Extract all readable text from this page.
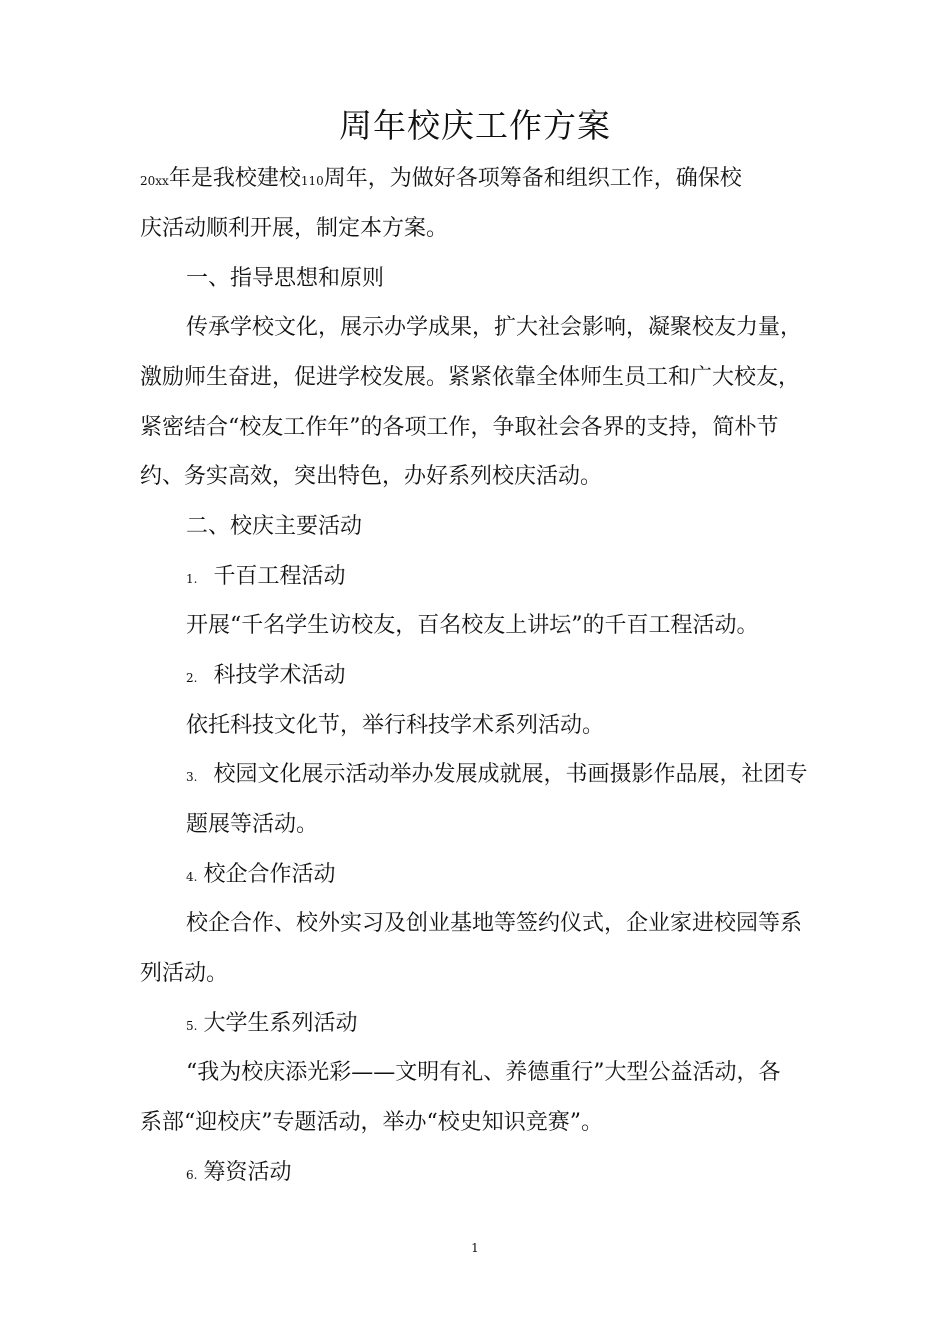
周年校庆工作方案
20xx年是我校建校110周年，为做好各项筹备和组织工作，确保校
庆活动顺利开展，制定本方案。
一、指导思想和原则
传承学校文化，展示办学成果，扩大社会影响，凝聚校友力量，
激励师生奋进，促进学校发展。紧紧依靠全体师生员工和广大校友，
紧密结合“校友工作年”的各项工作，争取社会各界的支持，简朴节
约、务实高效，突出特色，办好系列校庆活动。
二、校庆主要活动
1. 千百工程活动
开展“千名学生访校友，百名校友上讲坛”的千百工程活动。
2. 科技学术活动
依托科技文化节，举行科技学术系列活动。
3. 校园文化展示活动举办发展成就展，书画摄影作品展，社团专
题展等活动。
4. 校企合作活动
校企合作、校外实习及创业基地等签约仪式，企业家进校园等系
列活动。
5. 大学生系列活动
“我为校庆添光彩——文明有礼、养德重行”大型公益活动，各
系部“迎校庆”专题活动，举办“校史知识竞赛”。
6. 筹资活动
1
